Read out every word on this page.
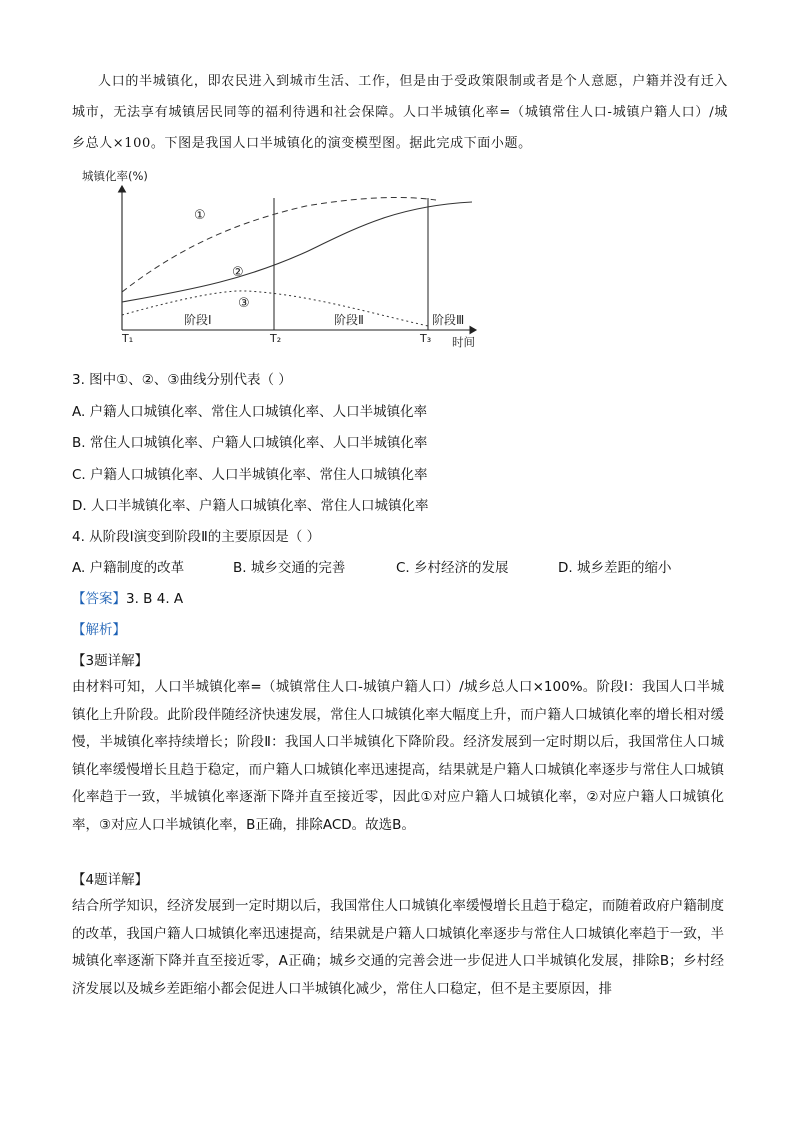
人口的半城镇化，即农民进入到城市生活、工作，但是由于受政策限制或者是个人意愿，户籍并没有迁入城市，无法享有城镇居民同等的福利待遇和社会保障。人口半城镇化率=（城镇常住人口-城镇户籍人口）/城乡总人×100。下图是我国人口半城镇化的演变模型图。据此完成下面小题。

城镇化率(%)
①
②
③
阶段Ⅰ	阶段Ⅱ	阶段Ⅲ
T₁	T₂	T₃ 时间

3. 图中①、②、③曲线分别代表（ ）

A. 户籍人口城镇化率、常住人口城镇化率、人口半城镇化率

B. 常住人口城镇化率、户籍人口城镇化率、人口半城镇化率

C. 户籍人口城镇化率、人口半城镇化率、常住人口城镇化率

D. 人口半城镇化率、户籍人口城镇化率、常住人口城镇化率

4. 从阶段Ⅰ演变到阶段Ⅱ的主要原因是（ ）

A. 户籍制度的改革	B. 城乡交通的完善	C. 乡村经济的发展	D. 城乡差距的缩小

【答案】3. B 4. A

【解析】

【3题详解】

由材料可知，人口半城镇化率=（城镇常住人口-城镇户籍人口）/城乡总人口×100%。阶段Ⅰ：我国人口半城镇化上升阶段。此阶段伴随经济快速发展，常住人口城镇化率大幅度上升，而户籍人口城镇化率的增长相对缓慢，半城镇化率持续增长；阶段Ⅱ：我国人口半城镇化下降阶段。经济发展到一定时期以后，我国常住人口城镇化率缓慢增长且趋于稳定，而户籍人口城镇化率迅速提高，结果就是户籍人口城镇化率逐步与常住人口城镇化率趋于一致，半城镇化率逐渐下降并直至接近零，因此①对应户籍人口城镇化率，②对应户籍人口城镇化率，③对应人口半城镇化率，B正确，排除ACD。故选B。

【4题详解】

结合所学知识，经济发展到一定时期以后，我国常住人口城镇化率缓慢增长且趋于稳定，而随着政府户籍制度的改革，我国户籍人口城镇化率迅速提高，结果就是户籍人口城镇化率逐步与常住人口城镇化率趋于一致，半城镇化率逐渐下降并直至接近零，A正确；城乡交通的完善会进一步促进人口半城镇化发展，排除B；乡村经济发展以及城乡差距缩小都会促进人口半城镇化减少，常住人口稳定，但不是主要原因，排
